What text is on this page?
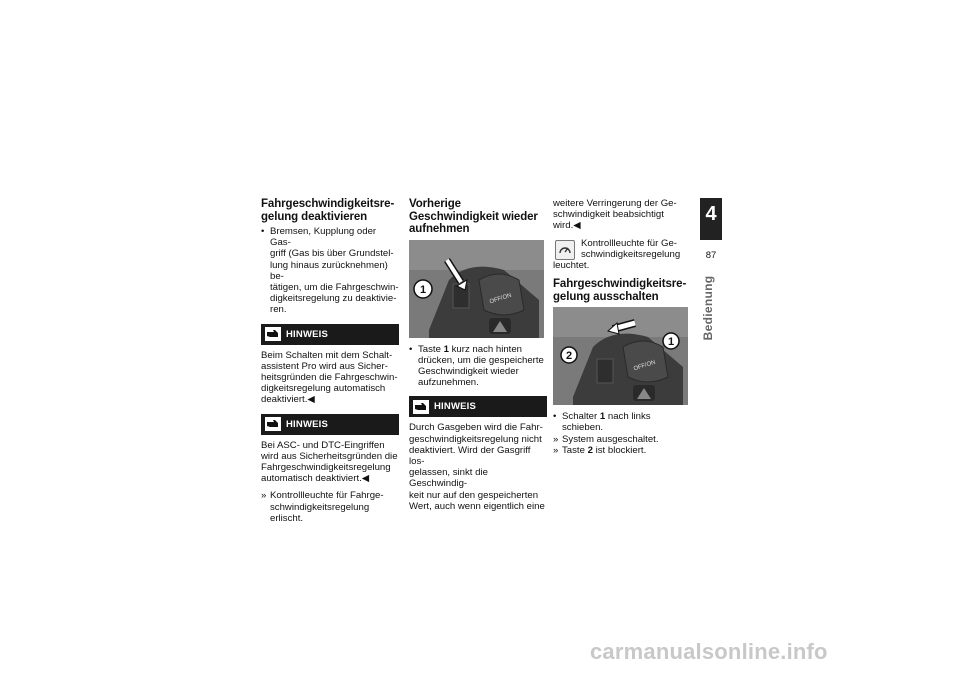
Fahrgeschwindigkeitsre-
gelung deaktivieren
• Bremsen, Kupplung oder Gas-
griff (Gas bis über Grundstel-
lung hinaus zurücknehmen) be-
tätigen, um die Fahrgeschwin-
digkeitsregelung zu deaktivie-
ren.
HINWEIS

Beim Schalten mit dem Schalt-
assistent Pro wird aus Sicher-
heitsgründen die Fahrgeschwin-
digkeitsregelung automatisch
deaktiviert.◀

HINWEIS

Bei ASC- und DTC-Eingriffen
wird aus Sicherheitsgründen die
Fahrgeschwindigkeitsregelung
automatisch deaktiviert.◀

» Kontrollleuchte für Fahrge-
schwindigkeitsregelung erlischt.
Vorherige
Geschwindigkeit wieder
aufnehmen
1
OFF/ON
• Taste 1 kurz nach hinten
drücken, um die gespeicherte
Geschwindigkeit wieder
aufzunehmen.
HINWEIS

Durch Gasgeben wird die Fahr-
geschwindigkeitsregelung nicht
deaktiviert. Wird der Gasgriff los-
gelassen, sinkt die Geschwindig-
keit nur auf den gespeicherten
Wert, auch wenn eigentlich eine

weitere Verringerung der Ge-
schwindigkeit beabsichtigt wird.◀

Kontrollleuchte für Ge-
schwindigkeitsregelung

leuchtet.

Fahrgeschwindigkeitsre-
gelung ausschalten
1
2
OFF/ON
• Schalter 1 nach links schieben.
» System ausgeschaltet.
» Taste 2 ist blockiert.
4
87
Bedienung
carmanualsonline.info
